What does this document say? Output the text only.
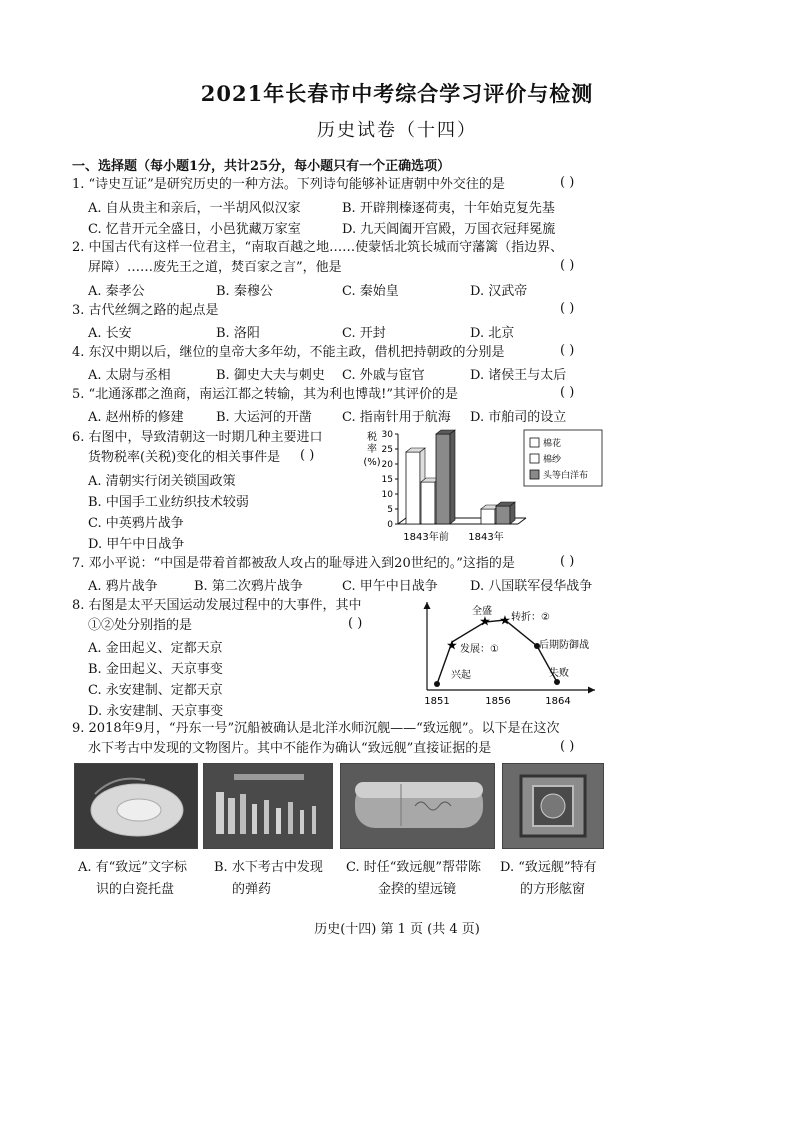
2021年长春市中考综合学习评价与检测
历史试卷（十四）
一、选择题（每小题1分，共计25分，每小题只有一个正确选项）
1. “诗史互证”是研究历史的一种方法。下列诗句能够补证唐朝中外交往的是	( )
A. 自从贵主和亲后，一半胡风似汉家	B. 开辟荆榛逐荷夷，十年始克复先基
C. 忆昔开元全盛日，小邑犹藏万家室	D. 九天阊阖开宫殿，万国衣冠拜冕旒
2. 中国古代有这样一位君主，“南取百越之地……使蒙恬北筑长城而守藩篱（指边界、
屏障）……废先王之道，焚百家之言”，他是	( )
A. 秦孝公	B. 秦穆公	C. 秦始皇	D. 汉武帝
3. 古代丝绸之路的起点是	( )
A. 长安	B. 洛阳	C. 开封	D. 北京
4. 东汉中期以后，继位的皇帝大多年幼，不能主政，借机把持朝政的分别是	( )
A. 太尉与丞相	B. 御史大夫与刺史 C. 外戚与宦官	D. 诸侯王与太后
5. “北通涿郡之渔商，南运江都之转输，其为利也博哉!”其评价的是	( )
A. 赵州桥的修建 B. 大运河的开凿 C. 指南针用于航海 D. 市舶司的设立
6. 右图中，导致清朝这一时期几种主要进口
货物税率(关税)变化的相关事件是 ( )
A. 清朝实行闭关锁国政策
B. 中国手工业纺织技术较弱
C. 中英鸦片战争
D. 甲午中日战争
税
率
(%)
0
5
10
15
20
25
30
1843年前 1843年
棉花
棉纱
头等白洋布
7. 邓小平说：“中国是带着首都被敌人攻占的耻辱进入到20世纪的。”这指的是	( )
A. 鸦片战争	B. 第二次鸦片战争	C. 甲午中日战争 D. 八国联军侵华战争
8. 右图是太平天国运动发展过程中的大事件，其中
①②处分别指的是	( )
A. 金田起义、定都天京
B. 金田起义、天京事变
C. 永安建制、定都天京
D. 永安建制、天京事变
兴起
★ 发展：①
★
全盛
★ 转折：②
后期防御战
失败
1851	1856	1864
9. 2018年9月，“丹东一号”沉船被确认是北洋水师沉舰——“致远舰”。以下是在这次
水下考古中发现的文物图片。其中不能作为确认“致远舰”直接证据的是	( )
A. 有“致远”文字标
识的白瓷托盘
B. 水下考古中发现
的弹药
C. 时任“致远舰”帮带陈
金揆的望远镜
D. “致远舰”特有
的方形舷窗
历史(十四) 第 1 页 (共 4 页)
